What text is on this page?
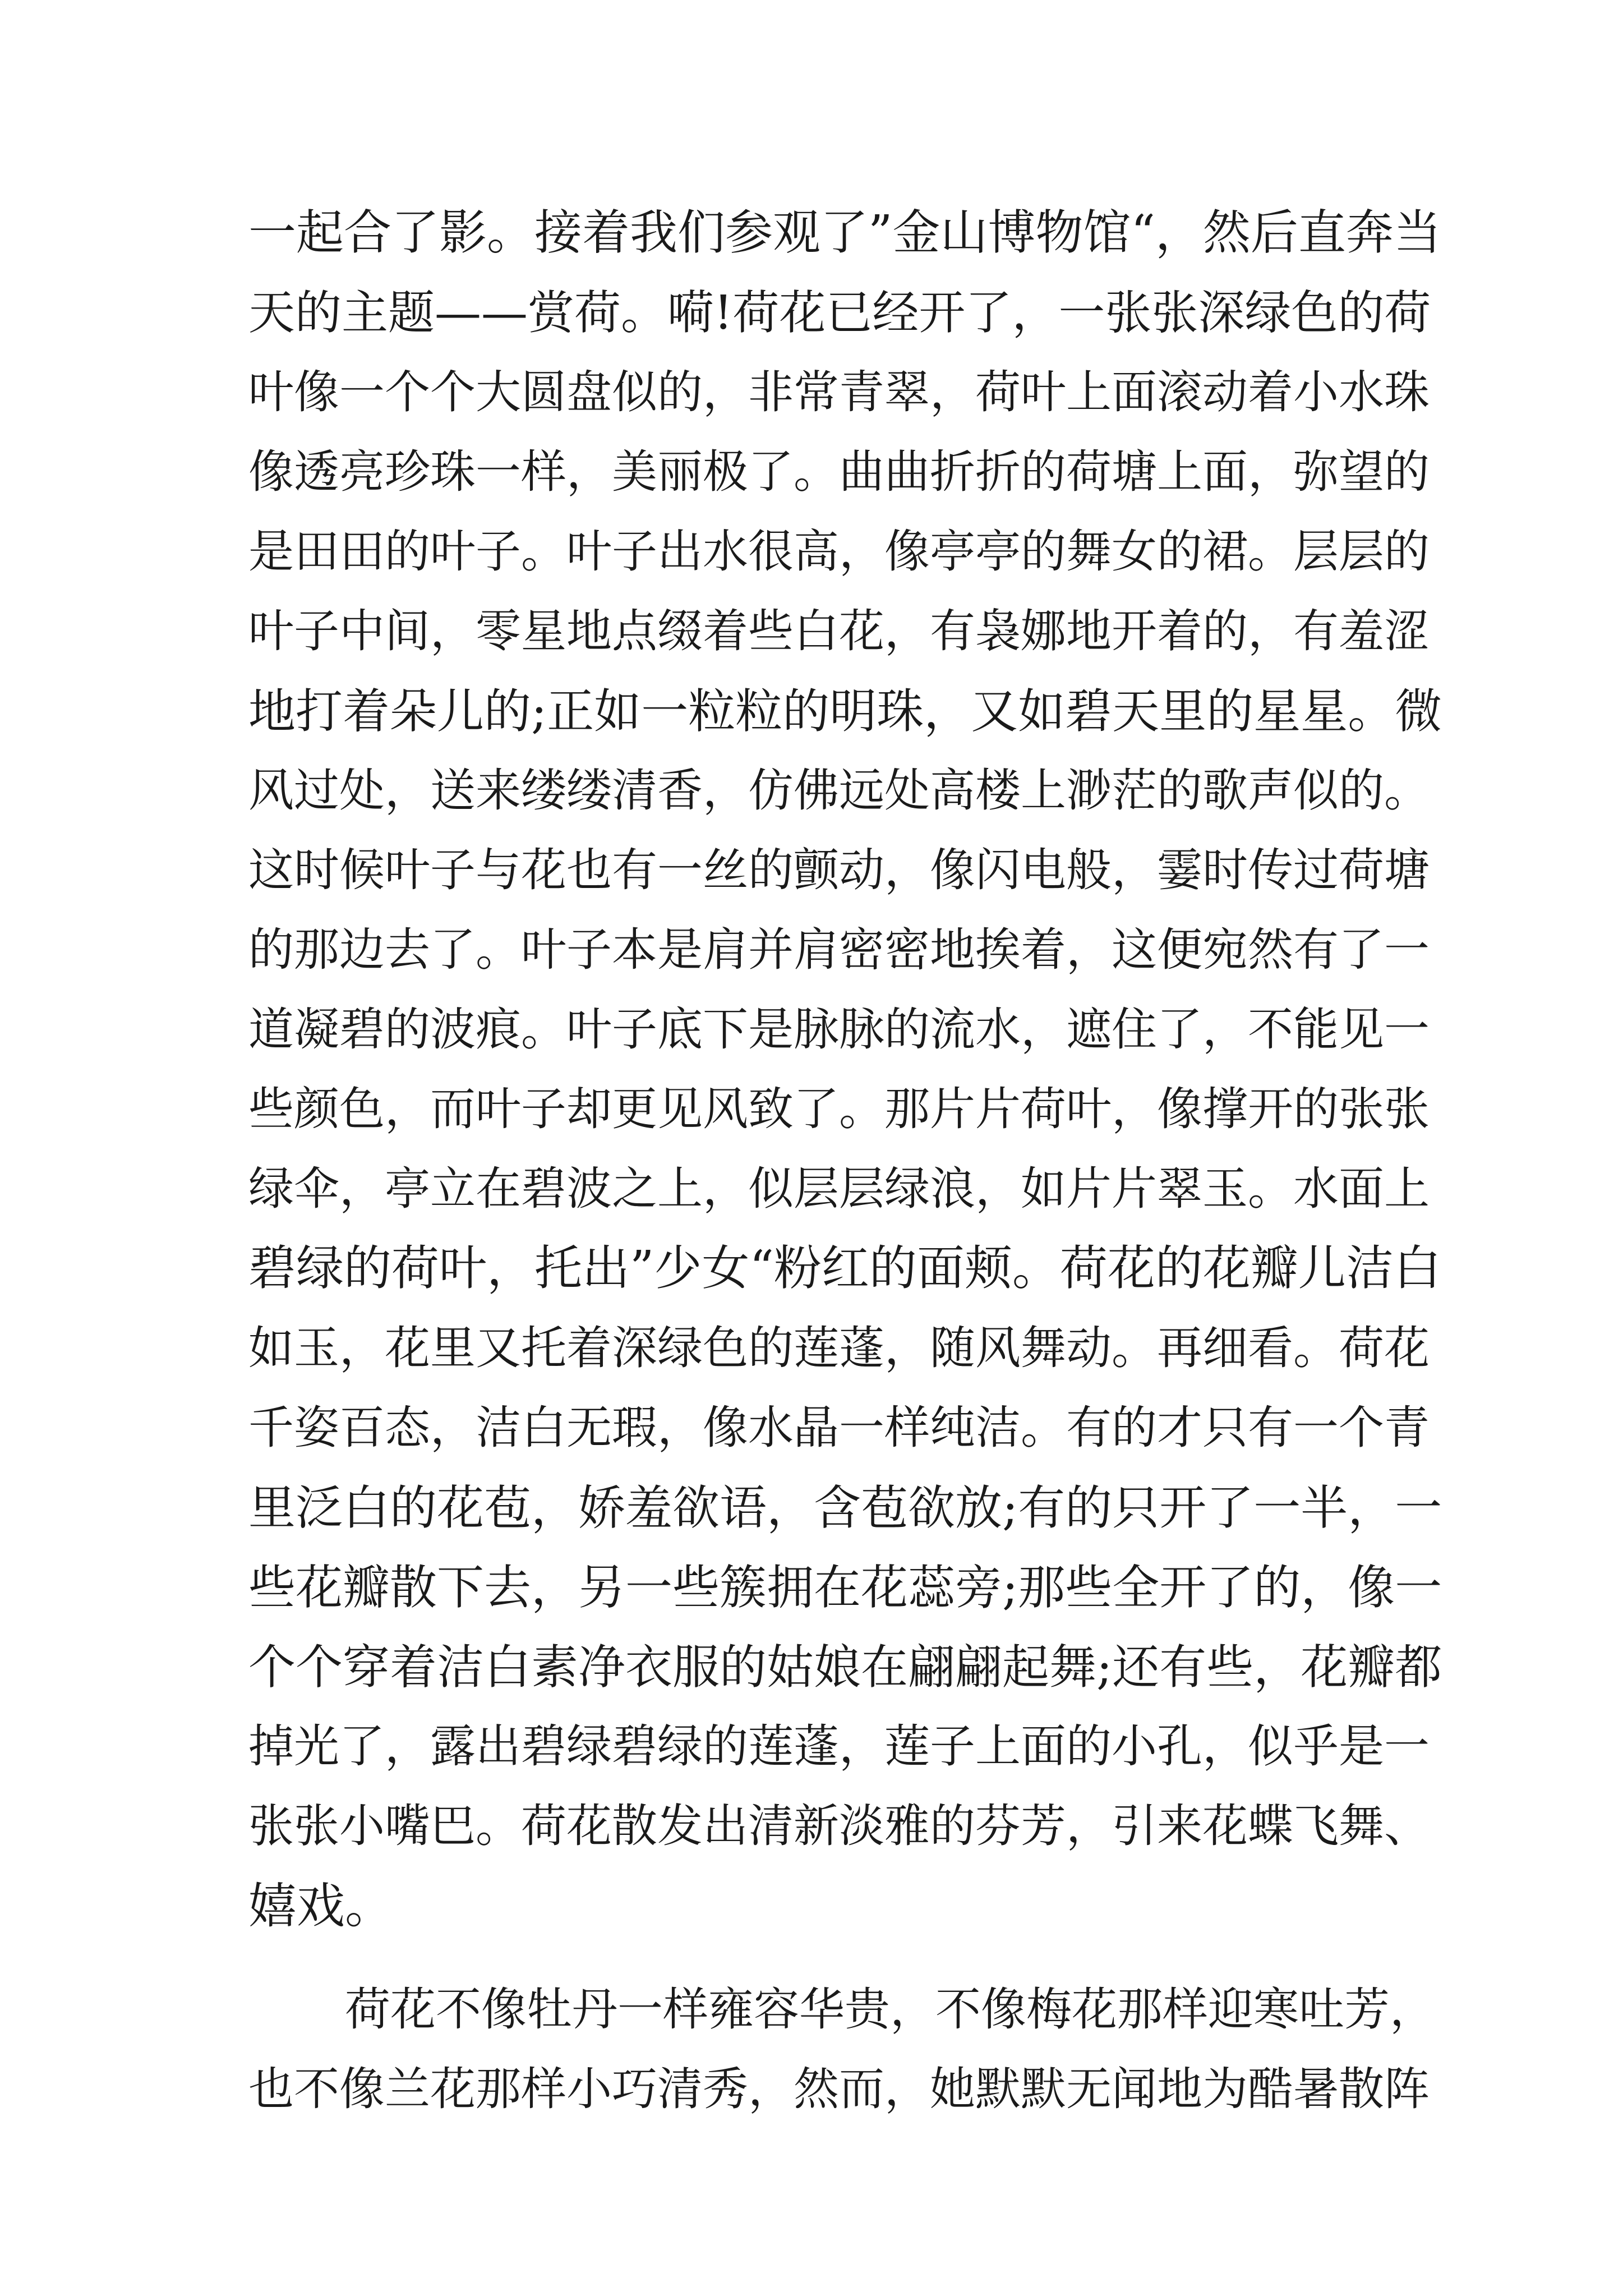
一起合了影。接着我们参观了”金山博物馆“，然后直奔当
天的主题——赏荷。嗬!荷花已经开了，一张张深绿色的荷
叶像一个个大圆盘似的，非常青翠，荷叶上面滚动着小水珠
像透亮珍珠一样，美丽极了。曲曲折折的荷塘上面，弥望的
是田田的叶子。叶子出水很高，像亭亭的舞女的裙。层层的
叶子中间，零星地点缀着些白花，有袅娜地开着的，有羞涩
地打着朵儿的;正如一粒粒的明珠，又如碧天里的星星。微
风过处，送来缕缕清香，仿佛远处高楼上渺茫的歌声似的。
这时候叶子与花也有一丝的颤动，像闪电般，霎时传过荷塘
的那边去了。叶子本是肩并肩密密地挨着，这便宛然有了一
道凝碧的波痕。叶子底下是脉脉的流水，遮住了，不能见一
些颜色，而叶子却更见风致了。那片片荷叶，像撑开的张张
绿伞，亭立在碧波之上，似层层绿浪，如片片翠玉。水面上
碧绿的荷叶，托出”少女“粉红的面颊。荷花的花瓣儿洁白
如玉，花里又托着深绿色的莲蓬，随风舞动。再细看。荷花
千姿百态，洁白无瑕，像水晶一样纯洁。有的才只有一个青
里泛白的花苞，娇羞欲语，含苞欲放;有的只开了一半，一
些花瓣散下去，另一些簇拥在花蕊旁;那些全开了的，像一
个个穿着洁白素净衣服的姑娘在翩翩起舞;还有些，花瓣都
掉光了，露出碧绿碧绿的莲蓬，莲子上面的小孔，似乎是一
张张小嘴巴。荷花散发出清新淡雅的芬芳，引来花蝶飞舞、
嬉戏。
荷花不像牡丹一样雍容华贵，不像梅花那样迎寒吐芳，
也不像兰花那样小巧清秀，然而，她默默无闻地为酷暑散阵
